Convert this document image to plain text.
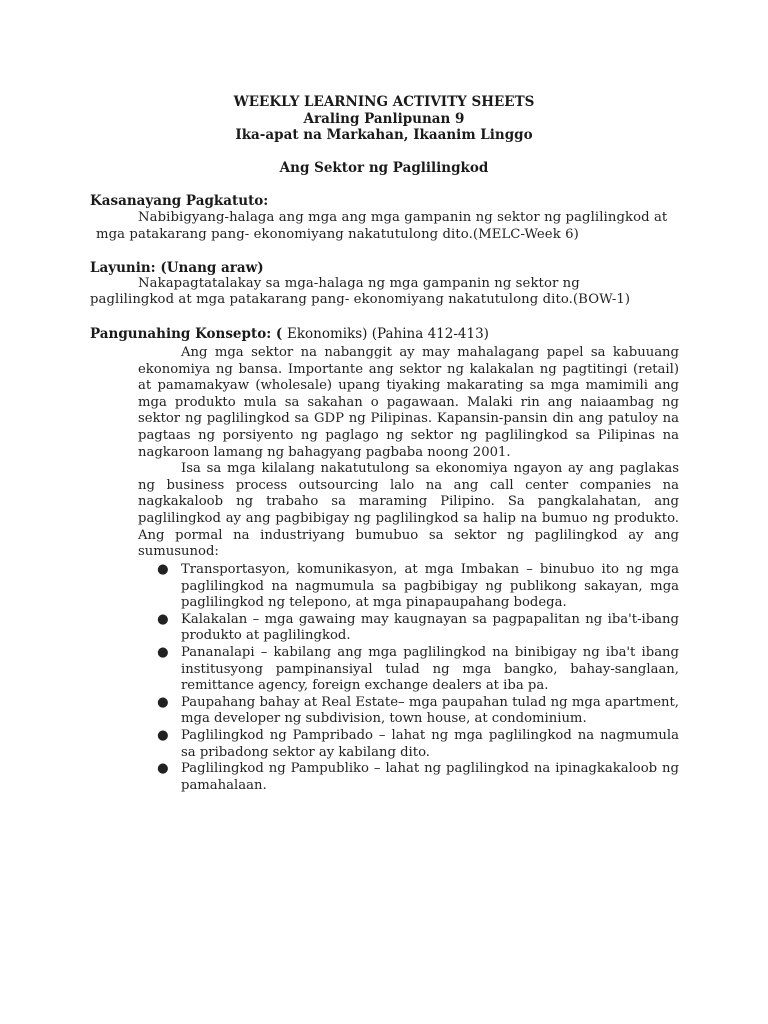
WEEKLY LEARNING ACTIVITY SHEETS
Araling Panlipunan 9
Ika-apat na Markahan, Ikaanim Linggo
Ang Sektor ng Paglilingkod
Kasanayang Pagkatuto:
Nabibigyang-halaga ang mga ang mga gampanin ng sektor ng paglilingkod at
mga patakarang pang- ekonomiyang nakatutulong dito.(MELC-Week 6)
Layunin: (Unang araw)
Nakapagtatalakay sa mga-halaga ng mga gampanin ng sektor ng
paglilingkod at mga patakarang pang- ekonomiyang nakatutulong dito.(BOW-1)
Pangunahing Konsepto: ( Ekonomiks) (Pahina 412-413)

Ang mga sektor na nabanggit ay may mahalagang papel sa kabuuang ekonomiya ng bansa. Importante ang sektor ng kalakalan ng pagtitingi (retail) at pamamakyaw (wholesale) upang tiyaking makarating sa mga mamimili ang mga produkto mula sa sakahan o pagawaan. Malaki rin ang naiaambag ng sektor ng paglilingkod sa GDP ng Pilipinas. Kapansin-pansin din ang patuloy na pagtaas ng porsiyento ng paglago ng sektor ng paglilingkod sa Pilipinas na nagkaroon lamang ng bahagyang pagbaba noong 2001.

Isa sa mga kilalang nakatutulong sa ekonomiya ngayon ay ang paglakas ng business process outsourcing lalo na ang call center companies na nagkakaloob ng trabaho sa maraming Pilipino. Sa pangkalahatan, ang paglilingkod ay ang pagbibigay ng paglilingkod sa halip na bumuo ng produkto. Ang pormal na industriyang bumubuo sa sektor ng paglilingkod ay ang sumusunod:

● Transportasyon, komunikasyon, at mga Imbakan – binubuo ito ng mga paglilingkod na nagmumula sa pagbibigay ng publikong sakayan, mga paglilingkod ng telepono, at mga pinapaupahang bodega.
● Kalakalan – mga gawaing may kaugnayan sa pagpapalitan ng iba't-ibang produkto at paglilingkod.
● Pananalapi – kabilang ang mga paglilingkod na binibigay ng iba't ibang institusyong pampinansiyal tulad ng mga bangko, bahay-sanglaan, remittance agency, foreign exchange dealers at iba pa.
● Paupahang bahay at Real Estate– mga paupahan tulad ng mga apartment, mga developer ng subdivision, town house, at condominium.
● Paglilingkod ng Pampribado – lahat ng mga paglilingkod na nagmumula sa pribadong sektor ay kabilang dito.
● Paglilingkod ng Pampubliko – lahat ng paglilingkod na ipinagkakaloob ng pamahalaan.
